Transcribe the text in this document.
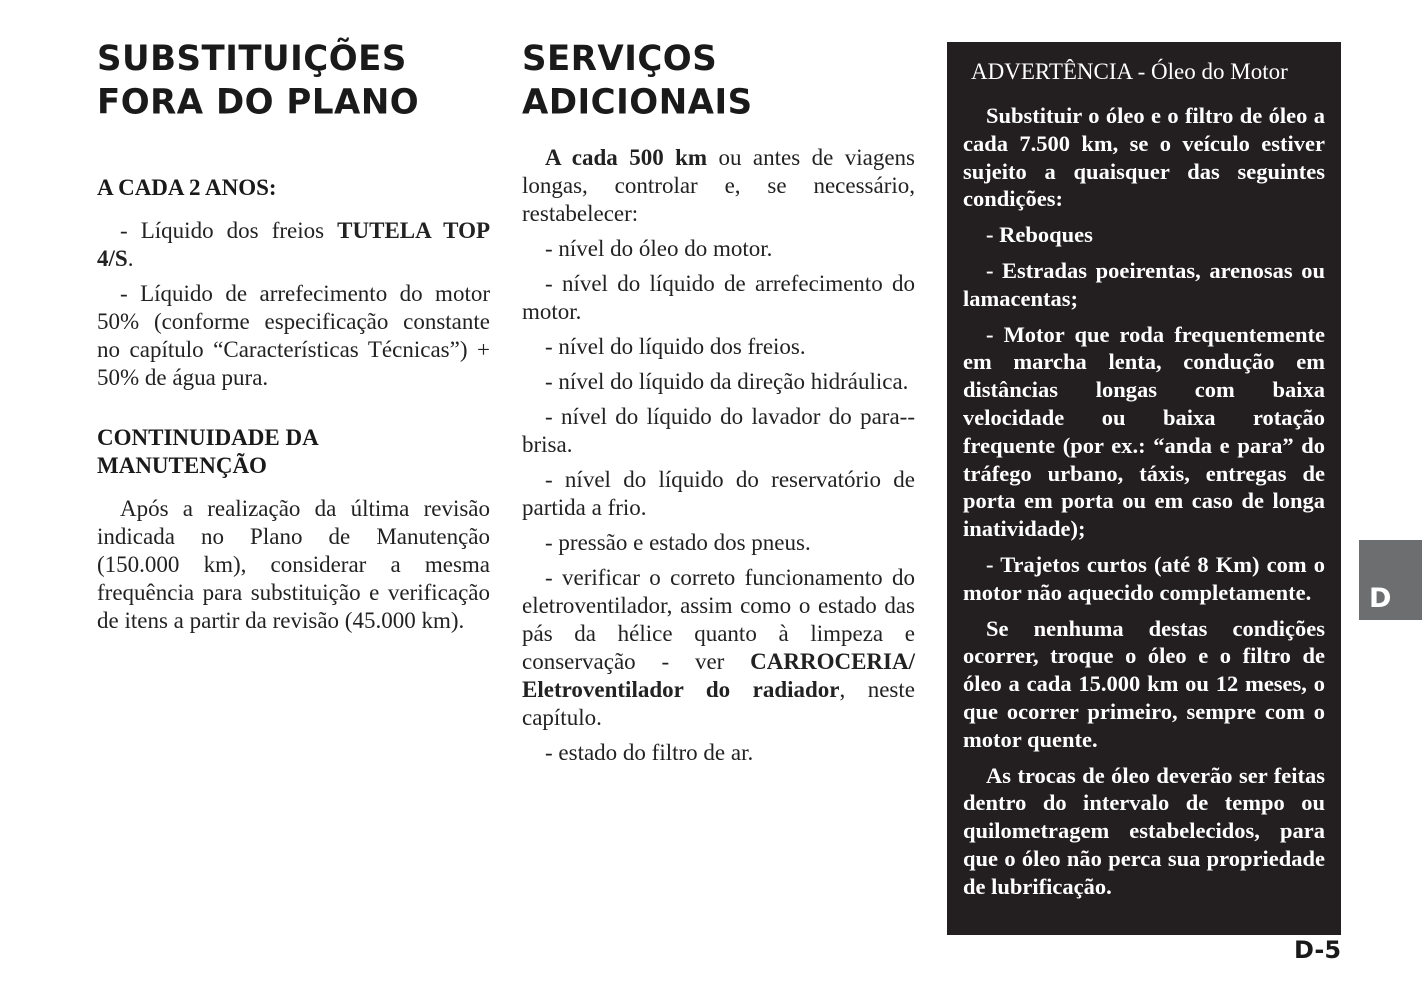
SUBSTITUIÇÕES
FORA DO PLANO

A CADA 2 ANOS:

- Líquido dos freios TUTELA TOP 4/S.

- Líquido de arrefecimento do motor 50% (conforme especificação constante no capítulo “Características Técnicas”) + 50% de água pura.

CONTINUIDADE DA
MANUTENÇÃO

Após a realização da última revisão indicada no Plano de Manutenção (150.000 km), considerar a mesma frequência para substituição e verificação de itens a partir da revisão (45.000 km).

SERVIÇOS
ADICIONAIS

A cada 500 km ou antes de viagens longas, controlar e, se necessário, restabelecer:

- nível do óleo do motor.

- nível do líquido de arrefecimento do motor.

- nível do líquido dos freios.

- nível do líquido da direção hidráulica.

- nível do líquido do lavador do para--brisa.

- nível do líquido do reservatório de partida a frio.

- pressão e estado dos pneus.

- verificar o correto funcionamento do eletroventilador, assim como o estado das pás da hélice quanto à limpeza e conservação - ver CARROCERIA/ Eletroventilador do radiador, neste capítulo.

- estado do filtro de ar.

ADVERTÊNCIA - Óleo do Motor

Substituir o óleo e o filtro de óleo a cada 7.500 km, se o veículo estiver sujeito a quaisquer das seguintes condições:

- Reboques

- Estradas poeirentas, arenosas ou lamacentas;

- Motor que roda frequentemente em marcha lenta, condução em distâncias longas com baixa velocidade ou baixa rotação frequente (por ex.: “anda e para” do tráfego urbano, táxis, entregas de porta em porta ou em caso de longa inatividade);

- Trajetos curtos (até 8 Km) com o motor não aquecido completamente.

Se nenhuma destas condições ocorrer, troque o óleo e o filtro de óleo a cada 15.000 km ou 12 meses, o que ocorrer primeiro, sempre com o motor quente.

As trocas de óleo deverão ser feitas dentro do intervalo de tempo ou quilometragem estabelecidos, para que o óleo não perca sua propriedade de lubrificação.

D
D-5
